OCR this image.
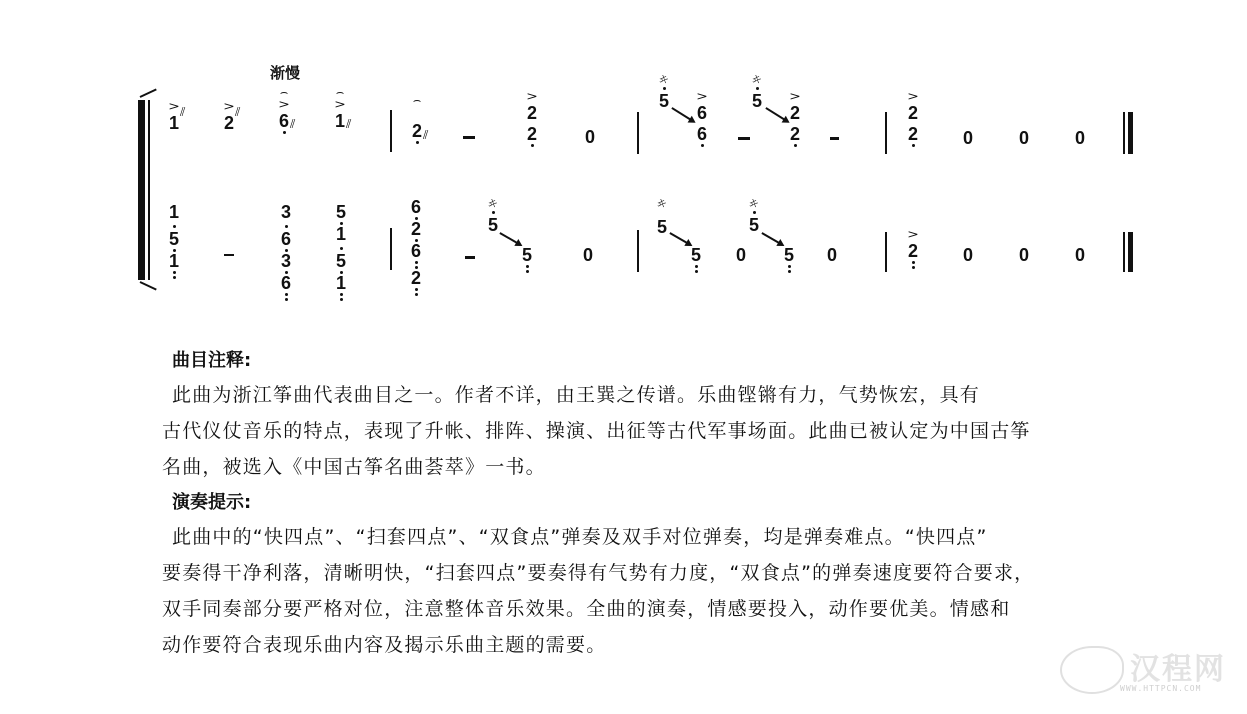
渐慢
>
1
⫽	>
2
⫽
⌢
>
6 ⫽
⌢
>
1 ⫽
⌢
2 ⫽
>
2
2	0
ヰ
5	>
6
6
ヰ
5	>
2
2
>
2
2	0	0	0
1
5
1
3
6
3
6
5
1
5
1
6
2
6
2
ヰ
5
5	0
ヰ
5
5	0
ヰ
5
5	0
>
2	0	0	0
曲目注释:

此曲为浙江筝曲代表曲目之一。作者不详，由王巽之传谱。乐曲铿锵有力，气势恢宏，具有
古代仪仗音乐的特点，表现了升帐、排阵、操演、出征等古代军事场面。此曲已被认定为中国古筝
名曲，被选入《中国古筝名曲荟萃》一书。

演奏提示:

此曲中的“快四点”、“扫套四点”、“双食点”弹奏及双手对位弹奏，均是弹奏难点。“快四点”
要奏得干净利落，清晰明快，“扫套四点”要奏得有气势有力度，“双食点”的弹奏速度要符合要求，
双手同奏部分要严格对位，注意整体音乐效果。全曲的演奏，情感要投入，动作要优美。情感和
动作要符合表现乐曲内容及揭示乐曲主题的需要。

汉程网
WWW.HTTPCN.COM
